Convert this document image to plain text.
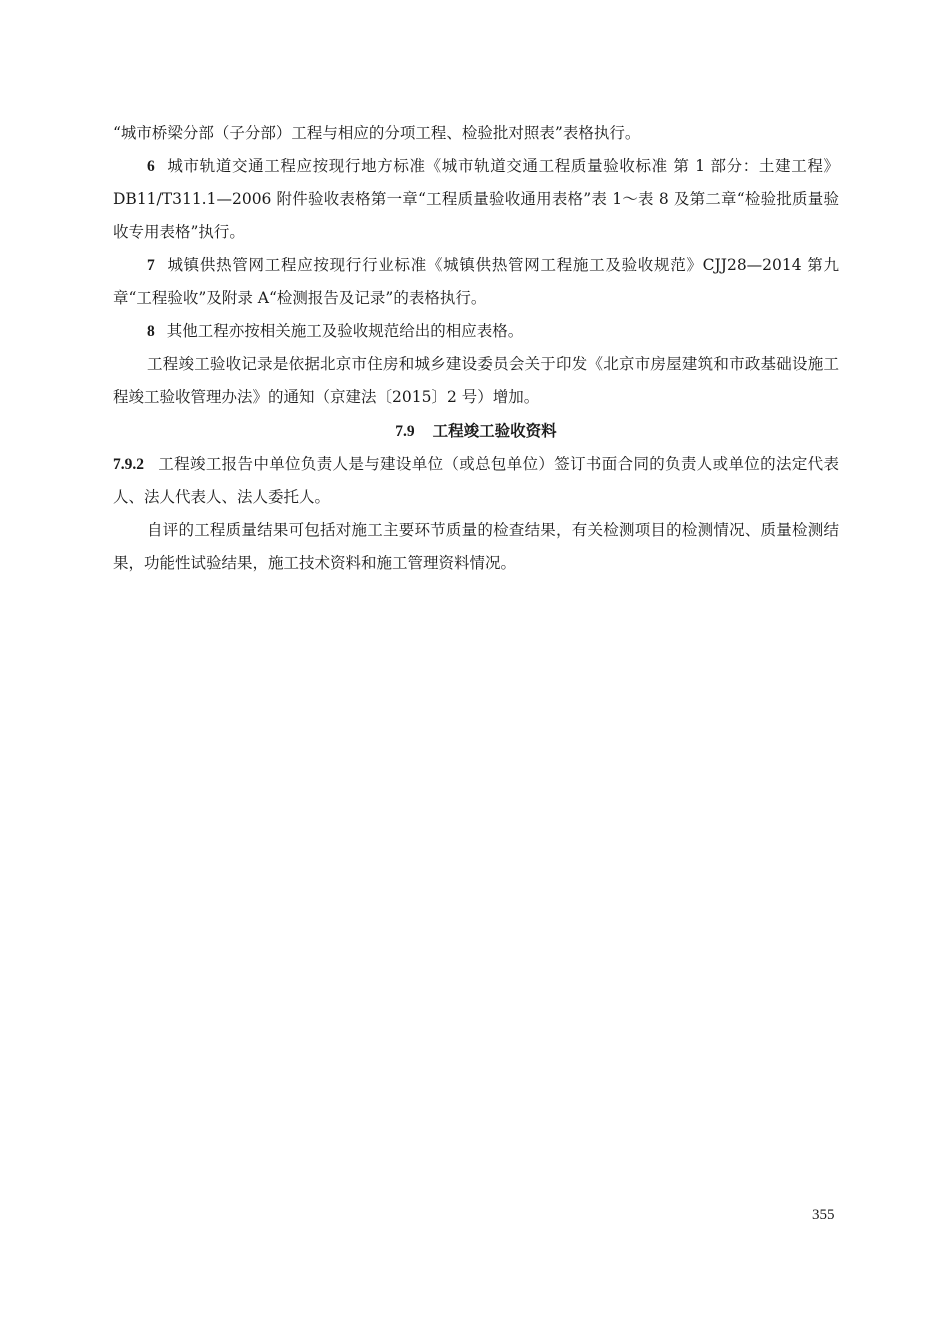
“城市桥梁分部（子分部）工程与相应的分项工程、检验批对照表”表格执行。

6 城市轨道交通工程应按现行地方标准《城市轨道交通工程质量验收标准 第 1 部分：土建工程》DB11/T311.1—2006 附件验收表格第一章“工程质量验收通用表格”表 1～表 8 及第二章“检验批质量验收专用表格”执行。

7 城镇供热管网工程应按现行行业标准《城镇供热管网工程施工及验收规范》CJJ28—2014 第九章“工程验收”及附录 A“检测报告及记录”的表格执行。

8 其他工程亦按相关施工及验收规范给出的相应表格。

工程竣工验收记录是依据北京市住房和城乡建设委员会关于印发《北京市房屋建筑和市政基础设施工程竣工验收管理办法》的通知（京建法〔2015〕2 号）增加。

7.9 工程竣工验收资料

7.9.2 工程竣工报告中单位负责人是与建设单位（或总包单位）签订书面合同的负责人或单位的法定代表人、法人代表人、法人委托人。

自评的工程质量结果可包括对施工主要环节质量的检查结果，有关检测项目的检测情况、质量检测结果，功能性试验结果，施工技术资料和施工管理资料情况。

355
